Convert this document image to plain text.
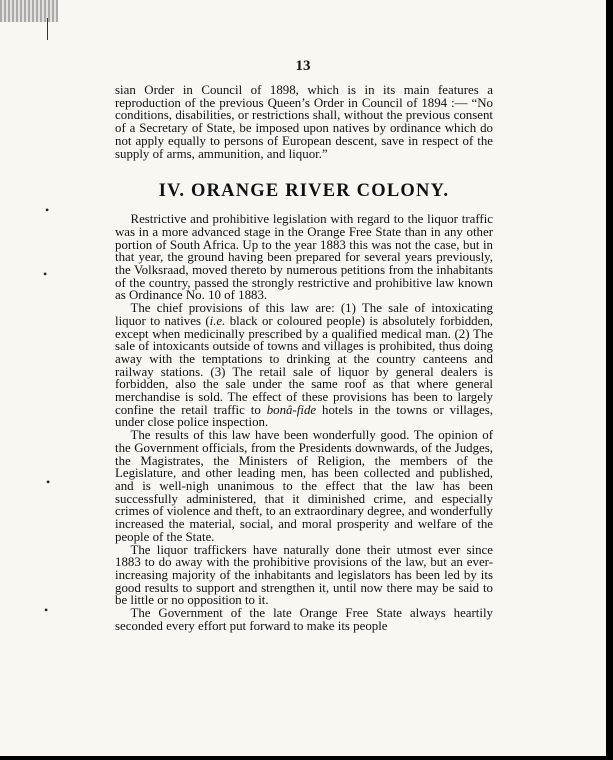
•
•
•
•
13

sian Order in Council of 1898, which is in its main features a reproduction of the previous Queen’s Order in Council of 1894 :— “No conditions, disabilities, or restrictions shall, without the previous consent of a Secretary of State, be imposed upon natives by ordinance which do not apply equally to persons of European descent, save in respect of the supply of arms, ammunition, and liquor.”

IV. ORANGE RIVER COLONY.

Restrictive and prohibitive legislation with regard to the liquor traffic was in a more advanced stage in the Orange Free State than in any other portion of South Africa. Up to the year 1883 this was not the case, but in that year, the ground having been prepared for several years previously, the Volksraad, moved thereto by numerous petitions from the inhabitants of the country, passed the strongly restrictive and prohibitive law known as Ordinance No. 10 of 1883.

The chief provisions of this law are: (1) The sale of intoxicating liquor to natives (i.e. black or coloured people) is absolutely forbidden, except when medicinally prescribed by a qualified medical man. (2) The sale of intoxicants outside of towns and villages is prohibited, thus doing away with the temptations to drinking at the country canteens and railway stations. (3) The retail sale of liquor by general dealers is forbidden, also the sale under the same roof as that where general merchandise is sold. The effect of these provisions has been to largely confine the retail traffic to bonâ-fide hotels in the towns or villages, under close police inspection.

The results of this law have been wonderfully good. The opinion of the Government officials, from the Presidents downwards, of the Judges, the Magistrates, the Ministers of Religion, the members of the Legislature, and other leading men, has been collected and published, and is well-nigh unanimous to the effect that the law has been successfully administered, that it diminished crime, and especially crimes of violence and theft, to an extraordinary degree, and wonderfully increased the material, social, and moral prosperity and welfare of the people of the State.

The liquor traffickers have naturally done their utmost ever since 1883 to do away with the prohibitive provisions of the law, but an ever-increasing majority of the inhabitants and legislators has been led by its good results to support and strengthen it, until now there may be said to be little or no opposition to it.

The Government of the late Orange Free State always heartily seconded every effort put forward to make its people
